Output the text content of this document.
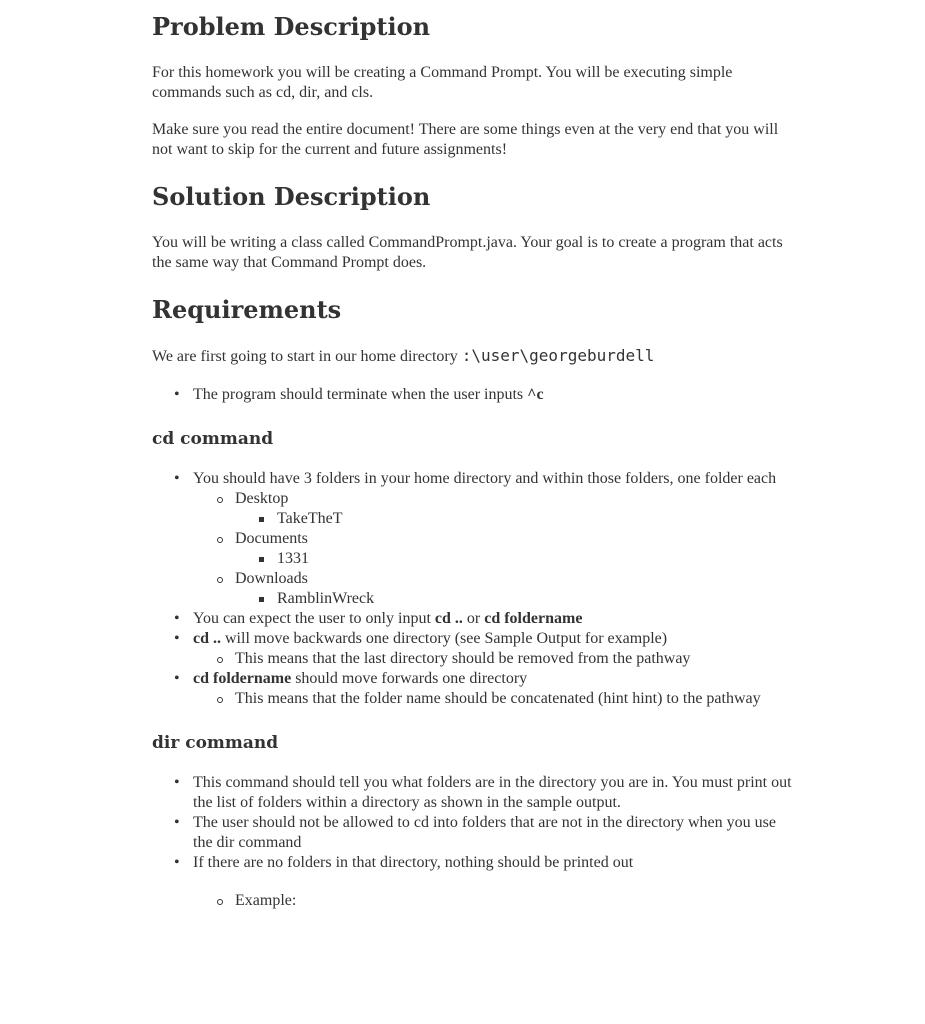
Problem Description

For this homework you will be creating a Command Prompt. You will be executing simple commands such as cd, dir, and cls.

Make sure you read the entire document! There are some things even at the very end that you will not want to skip for the current and future assignments!

Solution Description

You will be writing a class called CommandPrompt.java. Your goal is to create a program that acts the same way that Command Prompt does.

Requirements

We are first going to start in our home directory :\user\georgeburdell

• The program should terminate when the user inputs ^c
cd command
• You should have 3 folders in your home directory and within those folders, one folder each
Desktop
TakeTheT
Documents
1331
Downloads
RamblinWreck
• You can expect the user to only input cd .. or cd foldername
• cd .. will move backwards one directory (see Sample Output for example)
This means that the last directory should be removed from the pathway
• cd foldername should move forwards one directory
This means that the folder name should be concatenated (hint hint) to the pathway
dir command
• This command should tell you what folders are in the directory you are in. You must print out the list of folders within a directory as shown in the sample output.
• The user should not be allowed to cd into folders that are not in the directory when you use the dir command
• If there are no folders in that directory, nothing should be printed out
Example:
